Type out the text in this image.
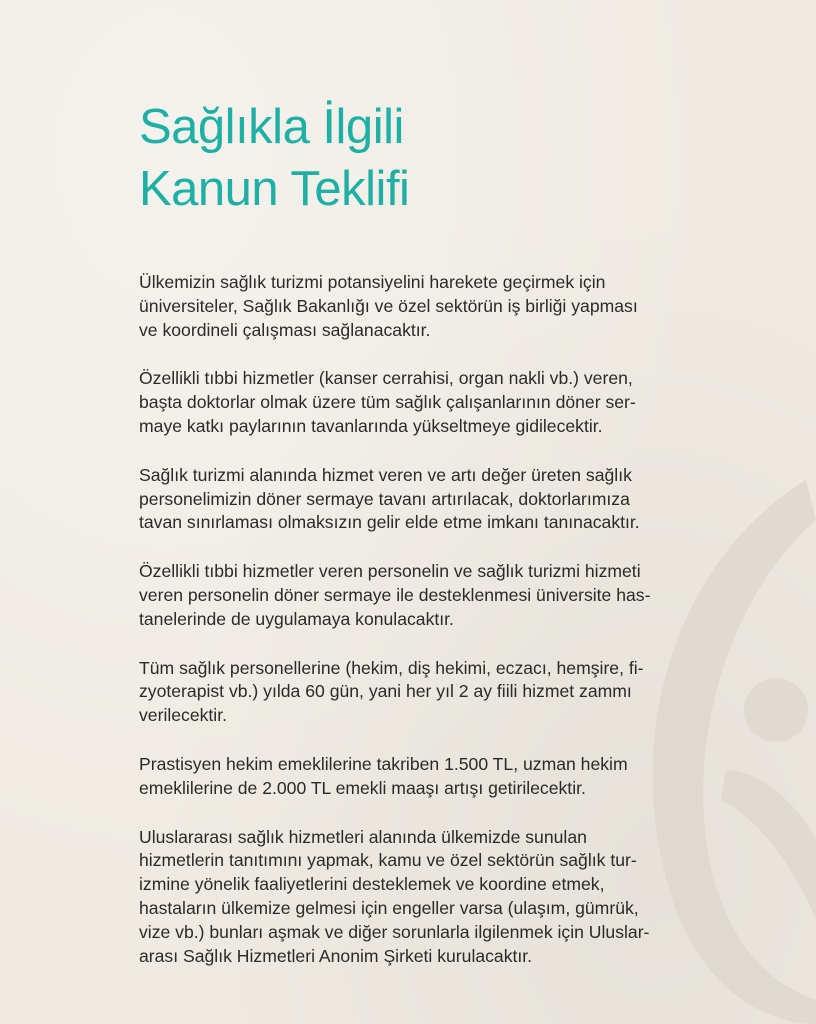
Sağlıkla İlgili
Kanun Teklifi

Ülkemizin sağlık turizmi potansiyelini harekete geçirmek için
üniversiteler, Sağlık Bakanlığı ve özel sektörün iş birliği yapması
ve koordineli çalışması sağlanacaktır.

Özellikli tıbbi hizmetler (kanser cerrahisi, organ nakli vb.) veren,
başta doktorlar olmak üzere tüm sağlık çalışanlarının döner ser-
maye katkı paylarının tavanlarında yükseltmeye gidilecektir.

Sağlık turizmi alanında hizmet veren ve artı değer üreten sağlık
personelimizin döner sermaye tavanı artırılacak, doktorlarımıza
tavan sınırlaması olmaksızın gelir elde etme imkanı tanınacaktır.

Özellikli tıbbi hizmetler veren personelin ve sağlık turizmi hizmeti
veren personelin döner sermaye ile desteklenmesi üniversite has-
tanelerinde de uygulamaya konulacaktır.

Tüm sağlık personellerine (hekim, diş hekimi, eczacı, hemşire, fi-
zyoterapist vb.) yılda 60 gün, yani her yıl 2 ay fiili hizmet zammı
verilecektir.

Prastisyen hekim emeklilerine takriben 1.500 TL, uzman hekim
emeklilerine de 2.000 TL emekli maaşı artışı getirilecektir.

Uluslararası sağlık hizmetleri alanında ülkemizde sunulan
hizmetlerin tanıtımını yapmak, kamu ve özel sektörün sağlık tur-
izmine yönelik faaliyetlerini desteklemek ve koordine etmek,
hastaların ülkemize gelmesi için engeller varsa (ulaşım, gümrük,
vize vb.) bunları aşmak ve diğer sorunlarla ilgilenmek için Uluslar-
arası Sağlık Hizmetleri Anonim Şirketi kurulacaktır.
